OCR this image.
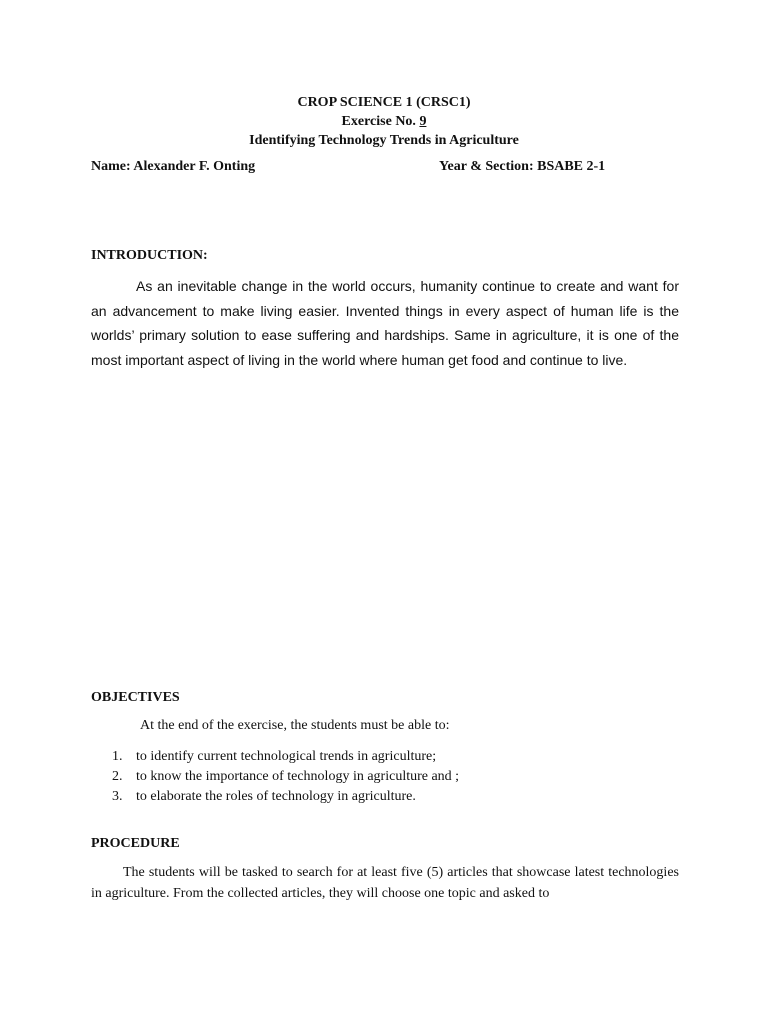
CROP SCIENCE 1 (CRSC1)
Exercise No. 9
Identifying Technology Trends in Agriculture
Name: Alexander F. Onting	Year & Section: BSABE 2-1
INTRODUCTION:

As an inevitable change in the world occurs, humanity continue to create and want for an advancement to make living easier. Invented things in every aspect of human life is the worlds’ primary solution to ease suffering and hardships. Same in agriculture, it is one of the most important aspect of living in the world where human get food and continue to live.

OBJECTIVES
At the end of the exercise, the students must be able to:
1. to identify current technological trends in agriculture;
2. to know the importance of technology in agriculture and ;
3. to elaborate the roles of technology in agriculture.
PROCEDURE

The students will be tasked to search for at least five (5) articles that showcase latest technologies in agriculture. From the collected articles, they will choose one topic and asked to
